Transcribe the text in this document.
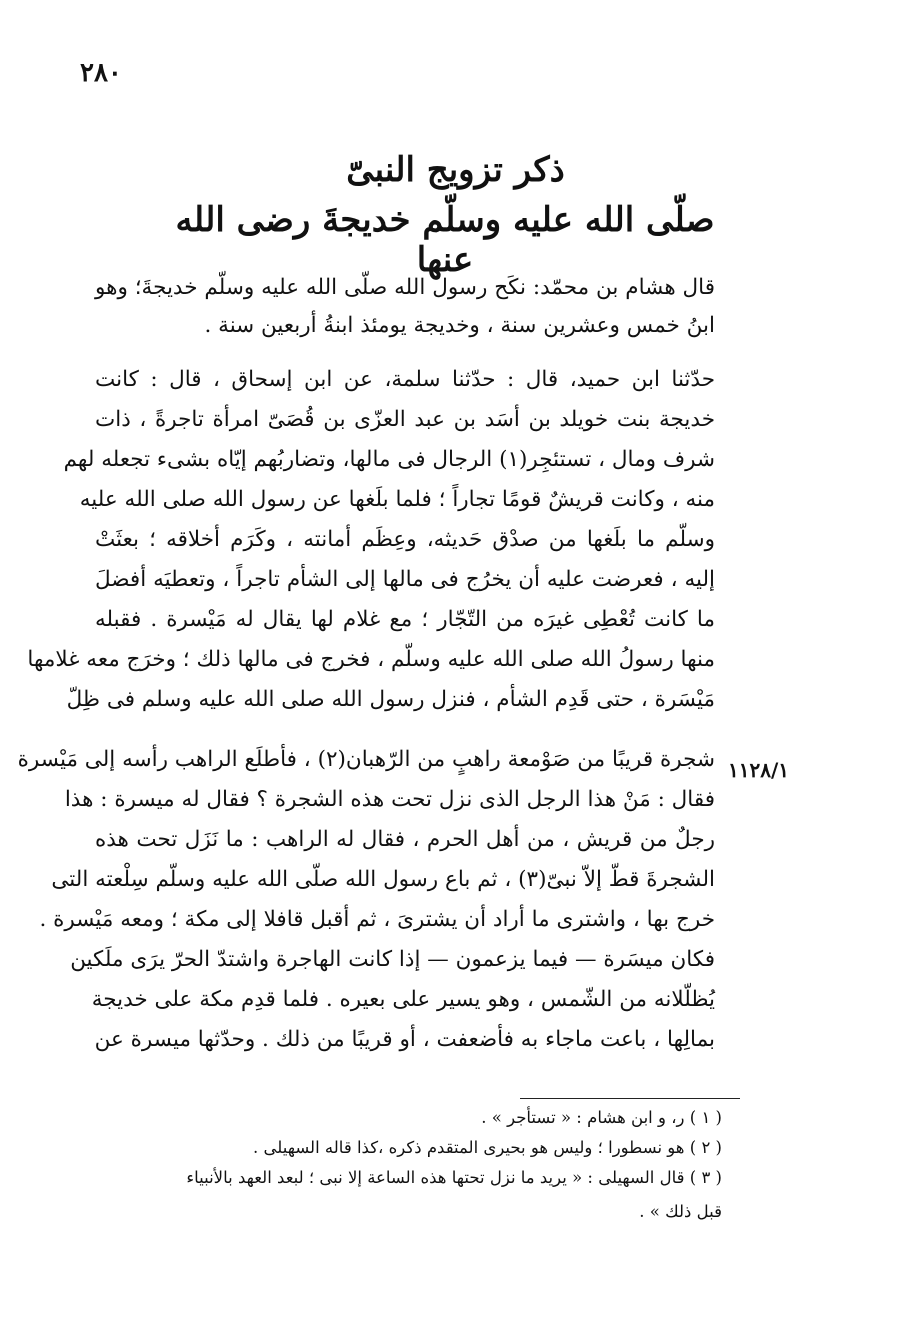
٢٨٠
ذكر تزويج النبىّ
صلّى الله عليه وسلّم خديجةَ رضى الله عنها
قال هشام بن محمّد: نكَح رسول الله صلّى الله عليه وسلّم خديجةَ؛ وهو
ابنُ خمس وعشرين سنة ، وخديجة يومئذ ابنةُ أربعين سنة .
حدّثنا ابن حميد، قال : حدّثنا سلمة، عن ابن إسحاق ، قال : كانت
خديجة بنت خويلد بن أسَد بن عبد العزّى بن قُصَىّ امرأة تاجرةً ، ذات
شرف ومال ، تستئجِر(١) الرجال فى مالها، وتضاربُهم إيّاه بشىء تجعله لهم
منه ، وكانت قريشٌ قومًا تجاراً ؛ فلما بلَغها عن رسول الله صلى الله عليه
وسلّم ما بلَغها من صدْق حَديثه، وعِظَم أمانته ، وكَرَم أخلاقه ؛ بعثَتْ
إليه ، فعرضت عليه أن يخرُج فى مالها إلى الشأم تاجراً ، وتعطيَه أفضلَ
ما كانت تُعْطِى غيرَه من التّجّار ؛ مع غلام لها يقال له مَيْسرة . فقبله
منها رسولُ الله صلى الله عليه وسلّم ، فخرج فى مالها ذلك ؛ وخرَج معه غلامها
مَيْسَرة ، حتى قَدِم الشأم ، فنزل رسول الله صلى الله عليه وسلم فى ظِلّ
شجرة قريبًا من صَوْمعة راهبٍ من الرّهبان(٢) ، فأطلَع الراهب رأسه إلى مَيْسرة
فقال : مَنْ هذا الرجل الذى نزل تحت هذه الشجرة ؟ فقال له ميسرة : هذا
رجلٌ من قريش ، من أهل الحرم ، فقال له الراهب : ما نَزَل تحت هذه
الشجرةَ قطّ إلاّ نبىّ(٣) ، ثم باع رسول الله صلّى الله عليه وسلّم سِلْعته التى
خرج بها ، واشترى ما أراد أن يشترىَ ، ثم أقبل قافلا إلى مكة ؛ ومعه مَيْسرة .
فكان ميسَرة — فيما يزعمون — إذا كانت الهاجرة واشتدّ الحرّ يرَى ملَكين
يُظلّلانه من الشّمس ، وهو يسير على بعيره . فلما قدِم مكة على خديجة
بمالِها ، باعت ماجاء به فأضعفت ، أو قريبًا من ذلك . وحدّثها ميسرة عن
١١٢٨/١
( ١ ) ر، و ابن هشام : « تستأجر » .
( ٢ ) هو نسطورا ؛ وليس هو بحيرى المتقدم ذكره ،كذا قاله السهيلى .
( ٣ ) قال السهيلى : « يريد ما نزل تحتها هذه الساعة إلا نبى ؛ لبعد العهد بالأنبياء
قبل ذلك » .
